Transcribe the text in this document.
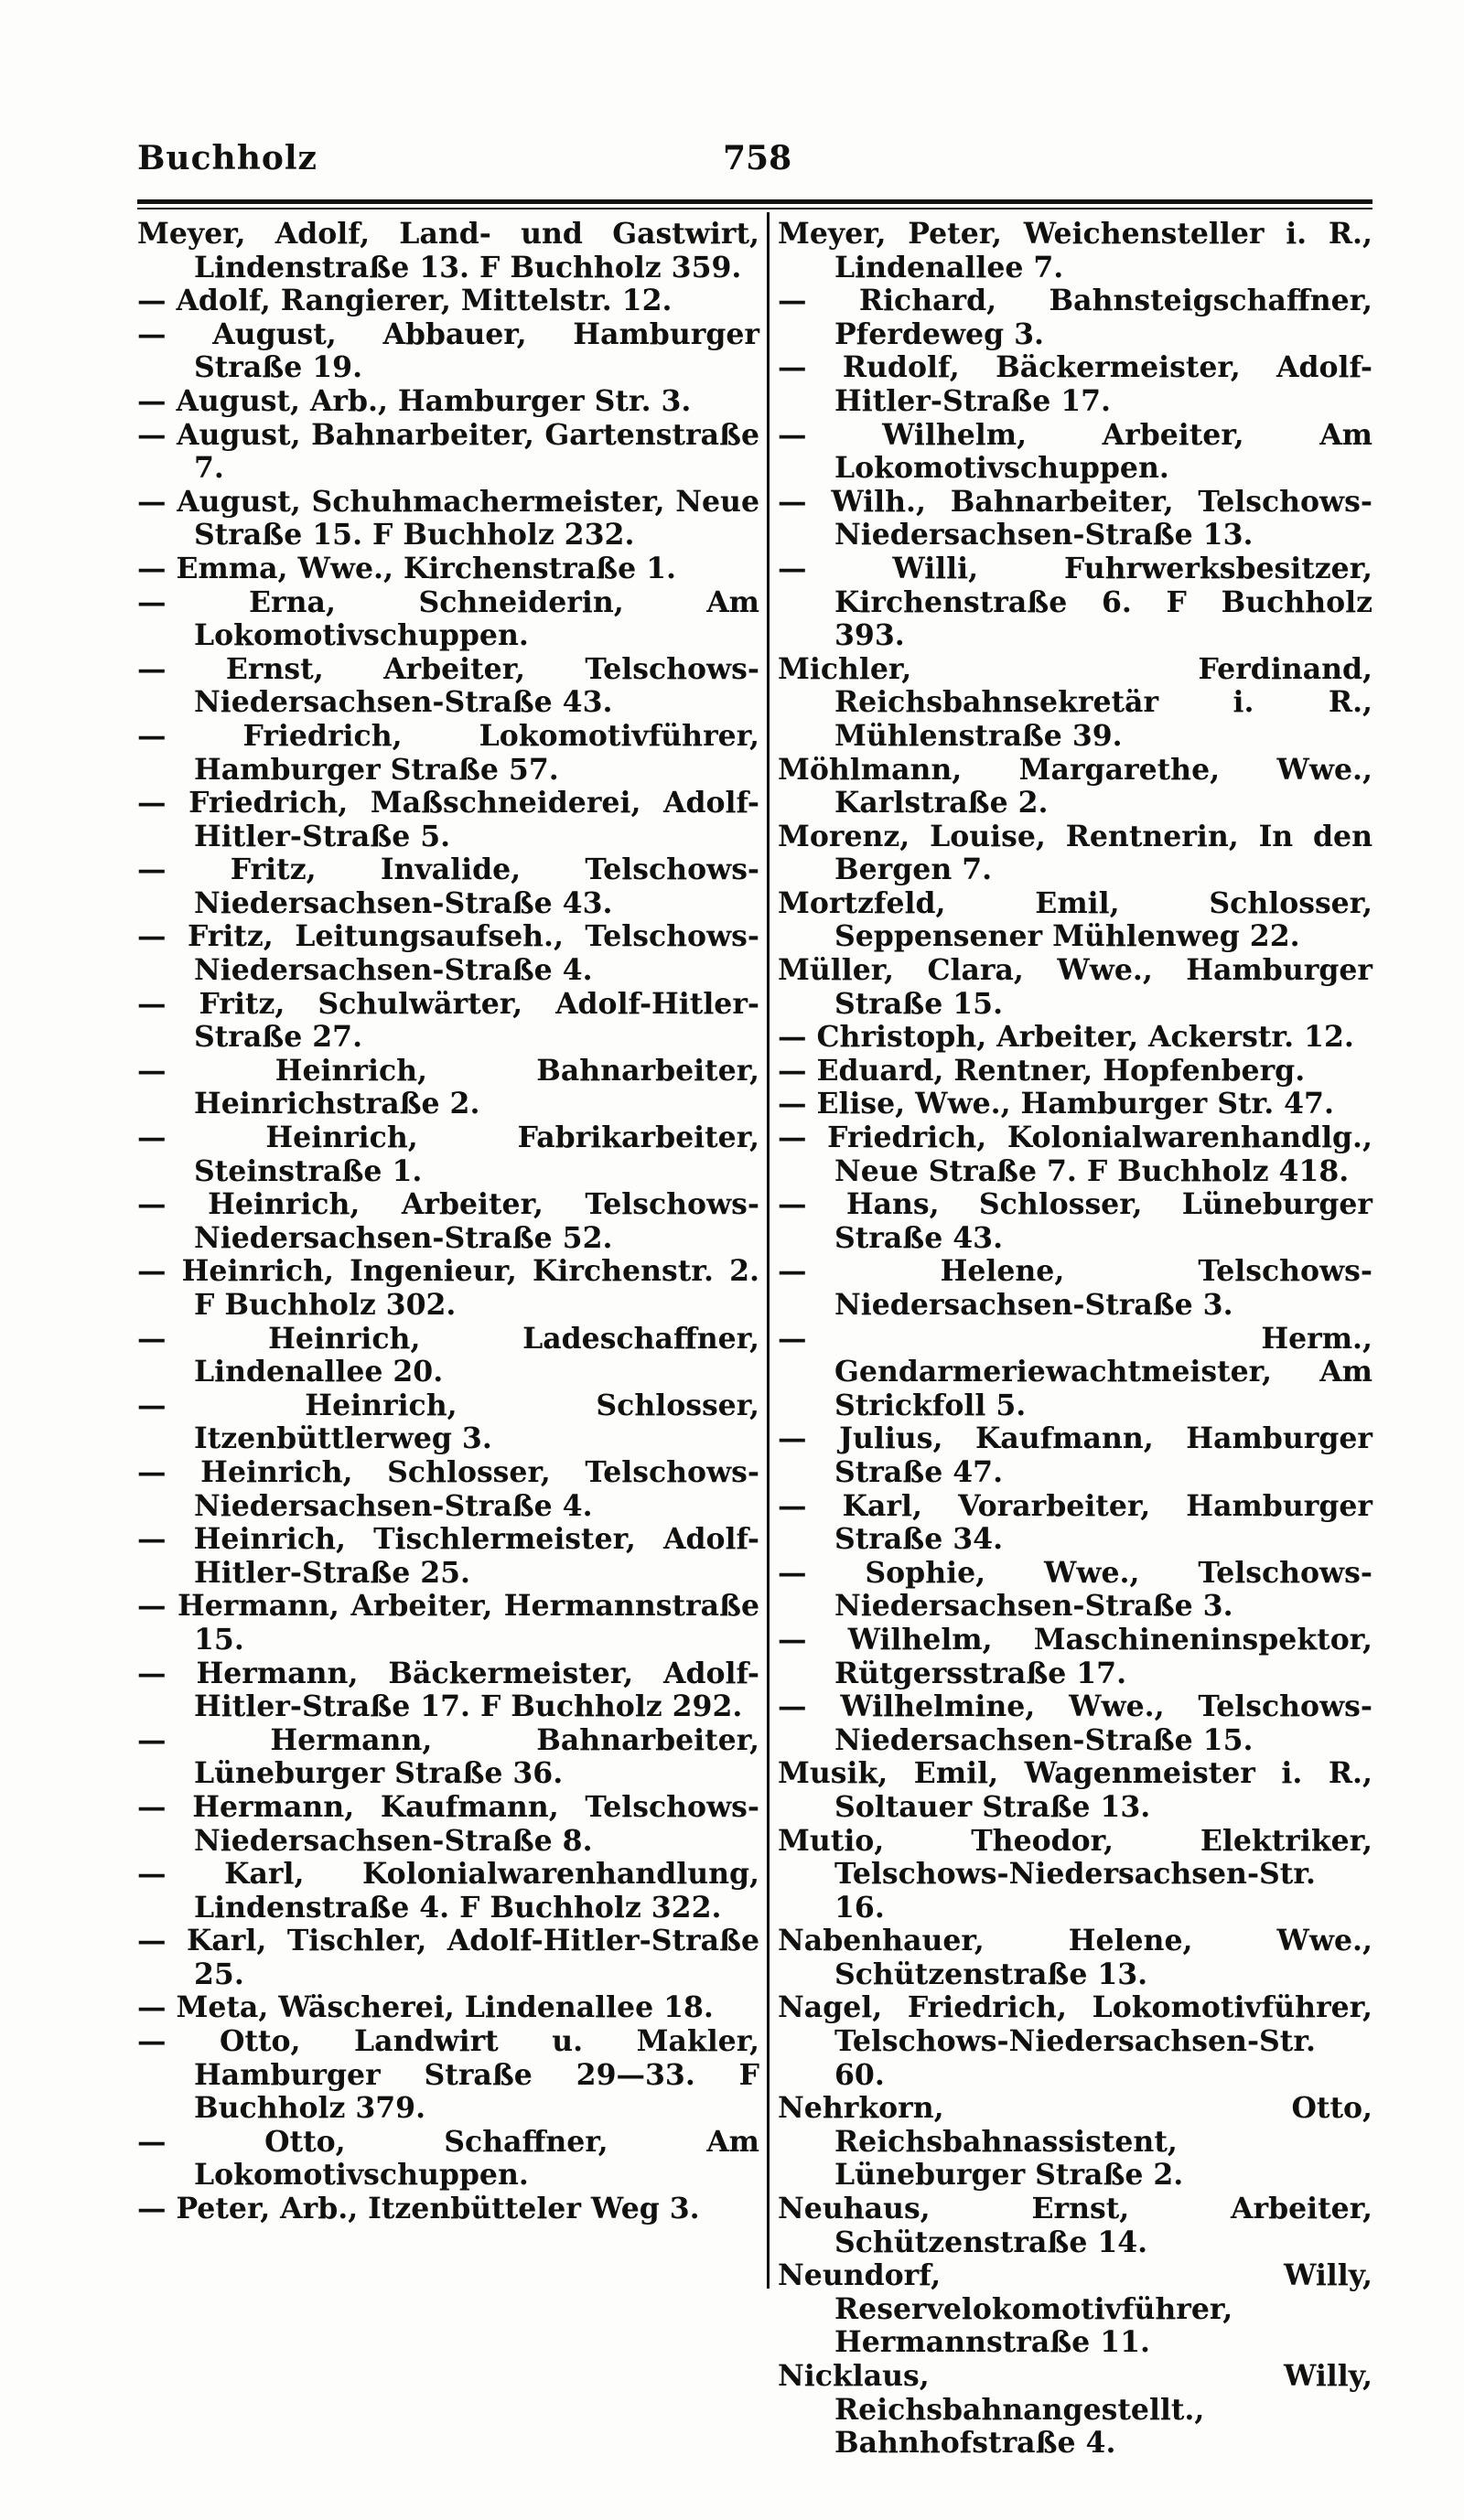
Buchholz	758
Meyer, Adolf, Land- und Gastwirt, Lindenstraße 13. F Buchholz 359.
— Adolf, Rangierer, Mittelstr. 12.
— August, Abbauer, Hamburger Straße 19.
— August, Arb., Hamburger Str. 3.
— August, Bahnarbeiter, Gartenstraße 7.
— August, Schuhmachermeister, Neue Straße 15. F Buchholz 232.
— Emma, Wwe., Kirchenstraße 1.
— Erna, Schneiderin, Am Lokomotivschuppen.
— Ernst, Arbeiter, Telschows-Niedersachsen-Straße 43.
— Friedrich, Lokomotivführer, Hamburger Straße 57.
— Friedrich, Maßschneiderei, Adolf-Hitler-Straße 5.
— Fritz, Invalide, Telschows-Niedersachsen-Straße 43.
— Fritz, Leitungsaufseh., Telschows-Niedersachsen-Straße 4.
— Fritz, Schulwärter, Adolf-Hitler-Straße 27.
— Heinrich, Bahnarbeiter, Heinrichstraße 2.
— Heinrich, Fabrikarbeiter, Steinstraße 1.
— Heinrich, Arbeiter, Telschows-Niedersachsen-Straße 52.
— Heinrich, Ingenieur, Kirchenstr. 2. F Buchholz 302.
— Heinrich, Ladeschaffner, Lindenallee 20.
— Heinrich, Schlosser, Itzenbüttlerweg 3.
— Heinrich, Schlosser, Telschows-Niedersachsen-Straße 4.
— Heinrich, Tischlermeister, Adolf-Hitler-Straße 25.
— Hermann, Arbeiter, Hermannstraße 15.
— Hermann, Bäckermeister, Adolf-Hitler-Straße 17. F Buchholz 292.
— Hermann, Bahnarbeiter, Lüneburger Straße 36.
— Hermann, Kaufmann, Telschows-Niedersachsen-Straße 8.
— Karl, Kolonialwarenhandlung, Lindenstraße 4. F Buchholz 322.
— Karl, Tischler, Adolf-Hitler-Straße 25.
— Meta, Wäscherei, Lindenallee 18.
— Otto, Landwirt u. Makler, Hamburger Straße 29—33. F Buchholz 379.
— Otto, Schaffner, Am Lokomotivschuppen.
— Peter, Arb., Itzenbütteler Weg 3.
Meyer, Peter, Weichensteller i. R., Lindenallee 7.
— Richard, Bahnsteigschaffner, Pferdeweg 3.
— Rudolf, Bäckermeister, Adolf-Hitler-Straße 17.
— Wilhelm, Arbeiter, Am Lokomotivschuppen.
— Wilh., Bahnarbeiter, Telschows-Niedersachsen-Straße 13.
— Willi, Fuhrwerksbesitzer, Kirchenstraße 6. F Buchholz 393.
Michler, Ferdinand, Reichsbahnsekretär i. R., Mühlenstraße 39.
Möhlmann, Margarethe, Wwe., Karlstraße 2.
Morenz, Louise, Rentnerin, In den Bergen 7.
Mortzfeld, Emil, Schlosser, Seppensener Mühlenweg 22.
Müller, Clara, Wwe., Hamburger Straße 15.
— Christoph, Arbeiter, Ackerstr. 12.
— Eduard, Rentner, Hopfenberg.
— Elise, Wwe., Hamburger Str. 47.
— Friedrich, Kolonialwarenhandlg., Neue Straße 7. F Buchholz 418.
— Hans, Schlosser, Lüneburger Straße 43.
— Helene, Telschows-Niedersachsen-Straße 3.
— Herm., Gendarmeriewachtmeister, Am Strickfoll 5.
— Julius, Kaufmann, Hamburger Straße 47.
— Karl, Vorarbeiter, Hamburger Straße 34.
— Sophie, Wwe., Telschows-Niedersachsen-Straße 3.
— Wilhelm, Maschineninspektor, Rütgersstraße 17.
— Wilhelmine, Wwe., Telschows-Niedersachsen-Straße 15.
Musik, Emil, Wagenmeister i. R., Soltauer Straße 13.
Mutio, Theodor, Elektriker, Telschows-Niedersachsen-Str. 16.
Nabenhauer, Helene, Wwe., Schützenstraße 13.
Nagel, Friedrich, Lokomotivführer, Telschows-Niedersachsen-Str. 60.
Nehrkorn, Otto, Reichsbahnassistent, Lüneburger Straße 2.
Neuhaus, Ernst, Arbeiter, Schützenstraße 14.
Neundorf, Willy, Reservelokomotivführer, Hermannstraße 11.
Nicklaus, Willy, Reichsbahnangestellt., Bahnhofstraße 4.
